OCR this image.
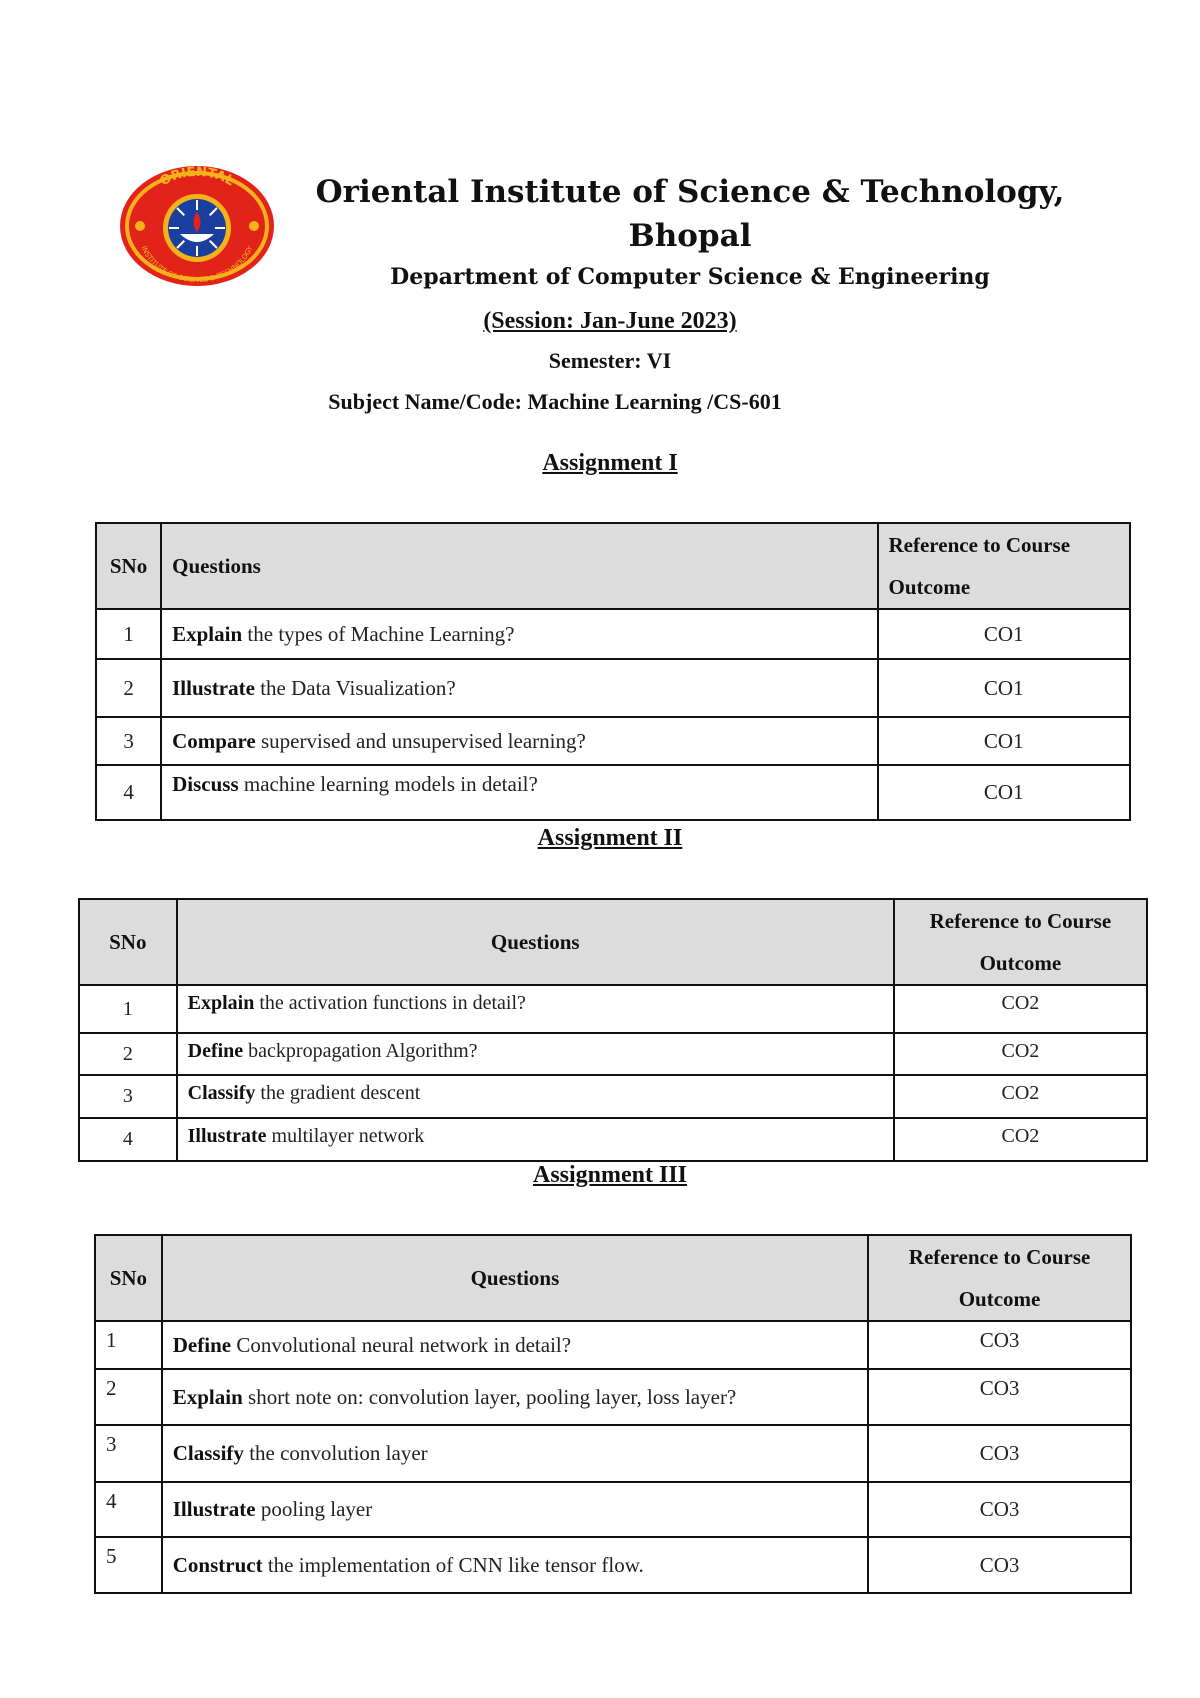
ORIENTAL
INSTITUTE OF SCIENCE & TECHNOLOGY
Oriental Institute of Science & Technology,
Bhopal
Department of Computer Science & Engineering
(Session: Jan-June 2023)
Semester: VI
Subject Name/Code: Machine Learning /CS-601
Assignment I
SNo	Questions	Reference to Course Outcome
1	Explain the types of Machine Learning?	CO1
2	Illustrate the Data Visualization?	CO1
3	Compare supervised and unsupervised learning?	CO1
4	Discuss machine learning models in detail?	CO1
Assignment II
SNo	Questions	Reference to Course Outcome
1	Explain the activation functions in detail?	CO2
2	Define backpropagation Algorithm?	CO2
3	Classify the gradient descent	CO2
4	Illustrate multilayer network	CO2
Assignment III
SNo	Questions	Reference to Course Outcome
1	Define Convolutional neural network in detail?	CO3
2	Explain short note on: convolution layer, pooling layer, loss layer?	CO3
3	Classify the convolution layer	CO3
4	Illustrate pooling layer	CO3
5	Construct the implementation of CNN like tensor flow.	CO3
